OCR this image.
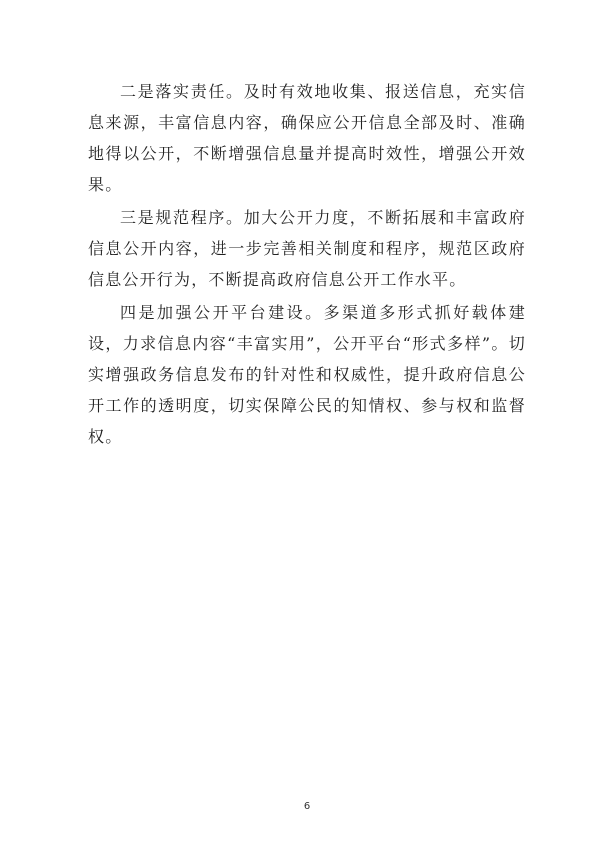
二是落实责任。及时有效地收集、报送信息，充实信息来源，丰富信息内容，确保应公开信息全部及时、准确地得以公开，不断增强信息量并提高时效性，增强公开效果。

三是规范程序。加大公开力度，不断拓展和丰富政府信息公开内容，进一步完善相关制度和程序，规范区政府信息公开行为，不断提高政府信息公开工作水平。

四是加强公开平台建设。多渠道多形式抓好载体建设，力求信息内容“丰富实用”，公开平台“形式多样”。切实增强政务信息发布的针对性和权威性，提升政府信息公开工作的透明度，切实保障公民的知情权、参与权和监督权。

6
